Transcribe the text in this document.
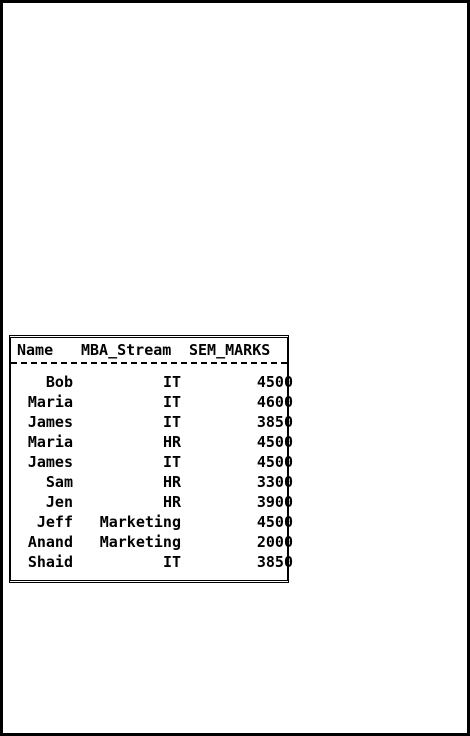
Name	MBA_Stream	SEM_MARKS
Bob	IT	4500
Maria	IT	4600
James	IT	3850
Maria	HR	4500
James	IT	4500
Sam	HR	3300
Jen	HR	3900
Jeff	Marketing	4500
Anand	Marketing	2000
Shaid	IT	3850
